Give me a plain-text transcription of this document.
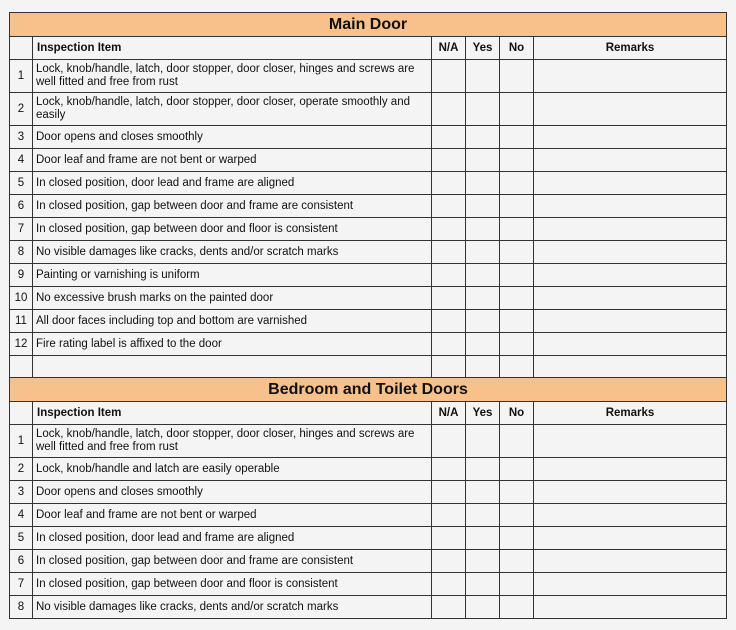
Main Door					
	Inspection Item	N/A	Yes	No	Remarks
1	Lock, knob/handle, latch, door stopper, door closer, hinges and screws are well fitted and free from rust				
2	Lock, knob/handle, latch, door stopper, door closer, operate smoothly and easily				
3	Door opens and closes smoothly				
4	Door leaf and frame are not bent or warped				
5	In closed position, door lead and frame are aligned				
6	In closed position, gap between door and frame are consistent				
7	In closed position, gap between door and floor is consistent				
8	No visible damages like cracks, dents and/or scratch marks				
9	Painting or varnishing is uniform				
10	No excessive brush marks on the painted door				
11	All door faces including top and bottom are varnished				
12	Fire rating label is affixed to the door				

Bedroom and Toilet Doors					
	Inspection Item	N/A	Yes	No	Remarks
1	Lock, knob/handle, latch, door stopper, door closer, hinges and screws are well fitted and free from rust				
2	Lock, knob/handle and latch are easily operable				
3	Door opens and closes smoothly				
4	Door leaf and frame are not bent or warped				
5	In closed position, door lead and frame are aligned				
6	In closed position, gap between door and frame are consistent				
7	In closed position, gap between door and floor is consistent				
8	No visible damages like cracks, dents and/or scratch marks				
